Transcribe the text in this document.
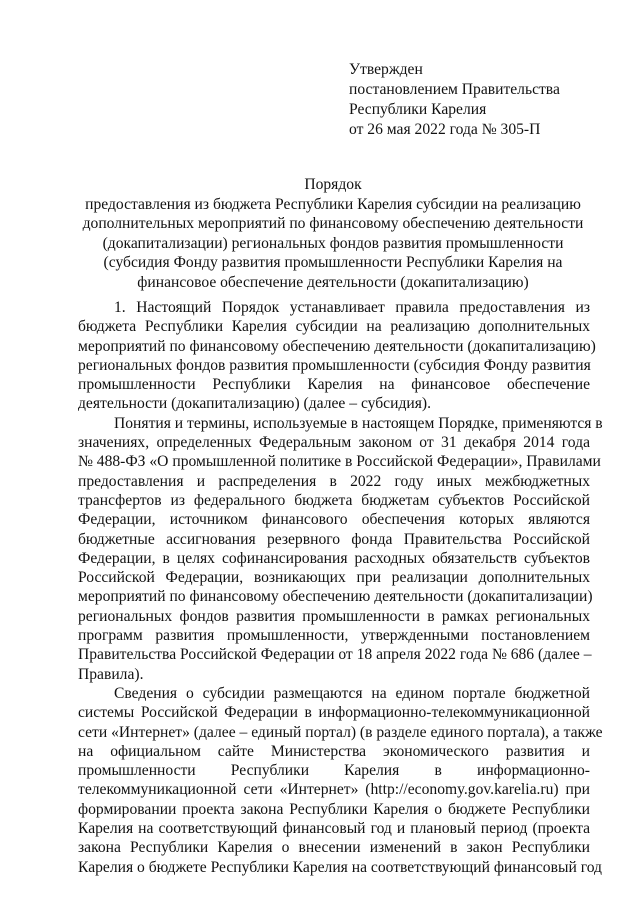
Утвержден
постановлением Правительства
Республики Карелия
от 26 мая 2022 года № 305-П
Порядок
предоставления из бюджета Республики Карелия субсидии на реализацию
дополнительных мероприятий по финансовому обеспечению деятельности
(докапитализации) региональных фондов развития промышленности
(субсидия Фонду развития промышленности Республики Карелия на
финансовое обеспечение деятельности (докапитализацию)
1. Настоящий Порядок устанавливает правила предоставления из
бюджета Республики Карелия субсидии на реализацию дополнительных
мероприятий по финансовому обеспечению деятельности (докапитализацию)
региональных фондов развития промышленности (субсидия Фонду развития
промышленности Республики Карелия на финансовое обеспечение
деятельности (докапитализацию) (далее – субсидия).
Понятия и термины, используемые в настоящем Порядке, применяются в
значениях, определенных Федеральным законом от 31 декабря 2014 года
№ 488-ФЗ «О промышленной политике в Российской Федерации», Правилами
предоставления и распределения в 2022 году иных межбюджетных
трансфертов из федерального бюджета бюджетам субъектов Российской
Федерации, источником финансового обеспечения которых являются
бюджетные ассигнования резервного фонда Правительства Российской
Федерации, в целях софинансирования расходных обязательств субъектов
Российской Федерации, возникающих при реализации дополнительных
мероприятий по финансовому обеспечению деятельности (докапитализации)
региональных фондов развития промышленности в рамках региональных
программ развития промышленности, утвержденными постановлением
Правительства Российской Федерации от 18 апреля 2022 года № 686 (далее –
Правила).
Сведения о субсидии размещаются на едином портале бюджетной
системы Российской Федерации в информационно-телекоммуникационной
сети «Интернет» (далее – единый портал) (в разделе единого портала), а также
на официальном сайте Министерства экономического развития и
промышленности Республики Карелия в информационно-
телекоммуникационной сети «Интернет» (http://economy.gov.karelia.ru) при
формировании проекта закона Республики Карелия о бюджете Республики
Карелия на соответствующий финансовый год и плановый период (проекта
закона Республики Карелия о внесении изменений в закон Республики
Карелия о бюджете Республики Карелия на соответствующий финансовый год
